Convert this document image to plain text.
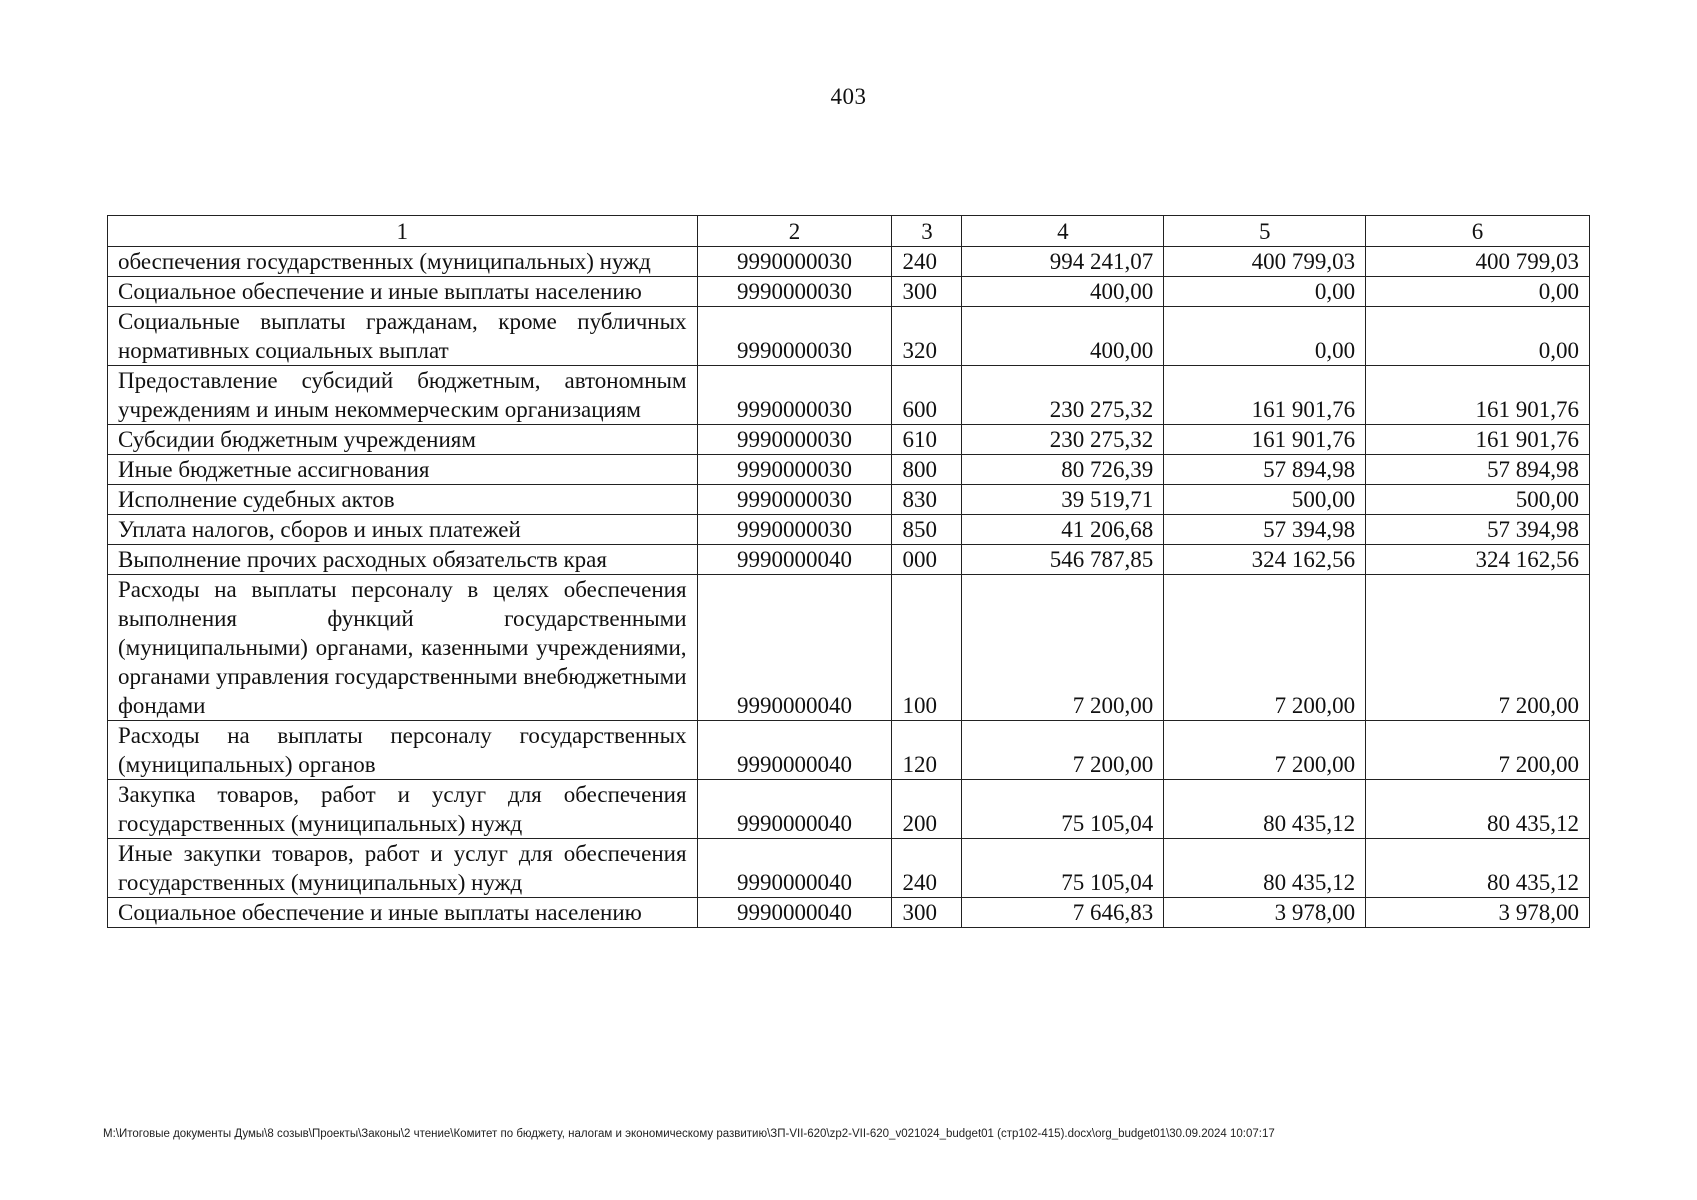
403
1	2	3	4	5	6
обеспечения государственных (муниципальных) нужд	9990000030	240	994 241,07	400 799,03	400 799,03
Социальное обеспечение и иные выплаты населению	9990000030	300	400,00	0,00	0,00
Социальные выплаты гражданам, кроме публичных нормативных социальных выплат	9990000030	320	400,00	0,00	0,00
Предоставление субсидий бюджетным, автономным учреждениям и иным некоммерческим организациям	9990000030	600	230 275,32	161 901,76	161 901,76
Субсидии бюджетным учреждениям	9990000030	610	230 275,32	161 901,76	161 901,76
Иные бюджетные ассигнования	9990000030	800	80 726,39	57 894,98	57 894,98
Исполнение судебных актов	9990000030	830	39 519,71	500,00	500,00
Уплата налогов, сборов и иных платежей	9990000030	850	41 206,68	57 394,98	57 394,98
Выполнение прочих расходных обязательств края	9990000040	000	546 787,85	324 162,56	324 162,56
Расходы на выплаты персоналу в целях обеспечения выполнения функций государственными (муниципальными) органами, казенными учреждениями, органами управления государственными внебюджетными фондами	9990000040	100	7 200,00	7 200,00	7 200,00
Расходы на выплаты персоналу государственных (муниципальных) органов	9990000040	120	7 200,00	7 200,00	7 200,00
Закупка товаров, работ и услуг для обеспечения государственных (муниципальных) нужд	9990000040	200	75 105,04	80 435,12	80 435,12
Иные закупки товаров, работ и услуг для обеспечения государственных (муниципальных) нужд	9990000040	240	75 105,04	80 435,12	80 435,12
Социальное обеспечение и иные выплаты населению	9990000040	300	7 646,83	3 978,00	3 978,00
M:\Итоговые документы Думы\8 созыв\Проекты\Законы\2 чтение\Комитет по бюджету, налогам и экономическому развитию\ЗП-VII-620\zp2-VII-620_v021024_budget01 (стр102-415).docx\org_budget01\30.09.2024 10:07:17
